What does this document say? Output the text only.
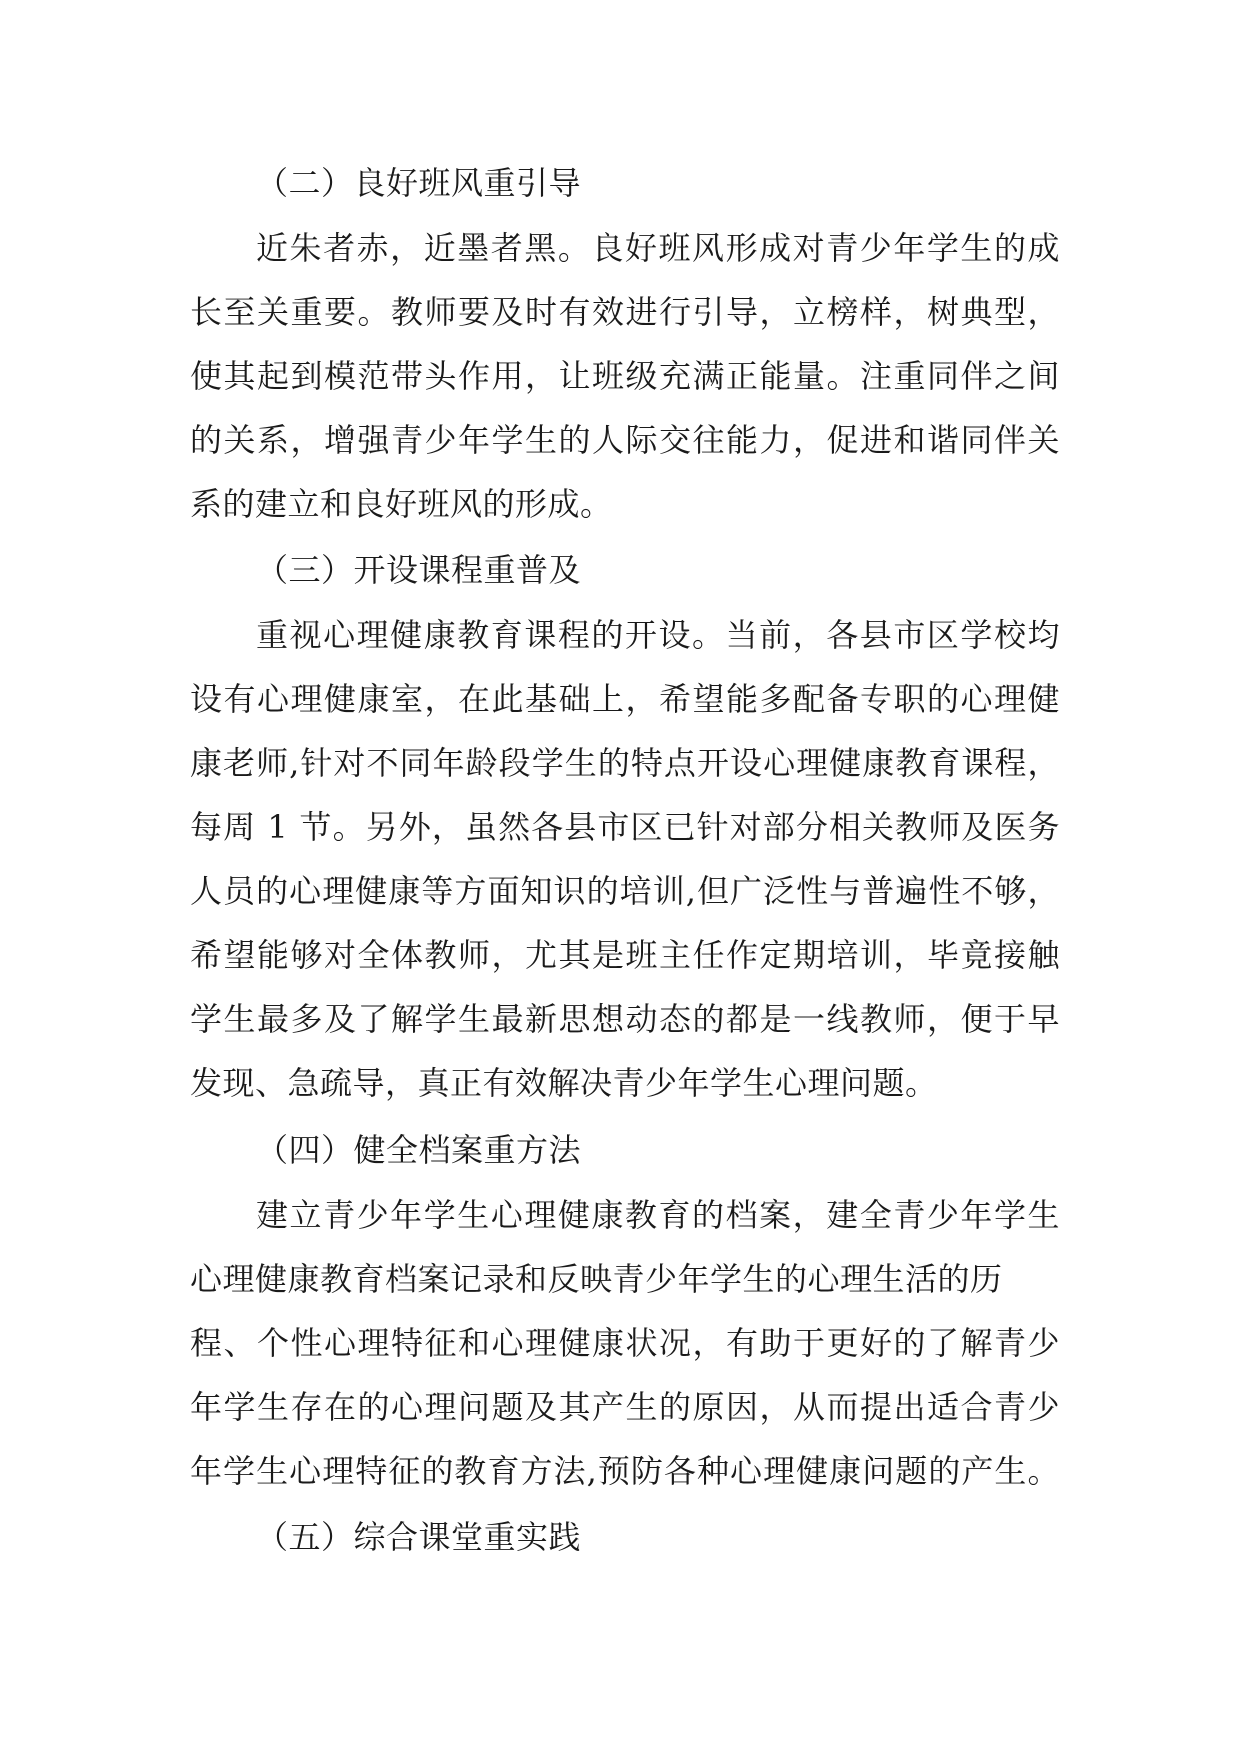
（二）良好班风重引导
近朱者赤，近墨者黑。良好班风形成对青少年学生的成
长至关重要。教师要及时有效进行引导，立榜样，树典型，
使其起到模范带头作用，让班级充满正能量。注重同伴之间
的关系，增强青少年学生的人际交往能力，促进和谐同伴关
系的建立和良好班风的形成。
（三）开设课程重普及
重视心理健康教育课程的开设。当前，各县市区学校均
设有心理健康室，在此基础上，希望能多配备专职的心理健
康老师,针对不同年龄段学生的特点开设心理健康教育课程，
每周 1 节。另外，虽然各县市区已针对部分相关教师及医务
人员的心理健康等方面知识的培训,但广泛性与普遍性不够，
希望能够对全体教师，尤其是班主任作定期培训，毕竟接触
学生最多及了解学生最新思想动态的都是一线教师，便于早
发现、急疏导，真正有效解决青少年学生心理问题。
（四）健全档案重方法
建立青少年学生心理健康教育的档案，建全青少年学生
心理健康教育档案记录和反映青少年学生的心理生活的历
程、个性心理特征和心理健康状况，有助于更好的了解青少
年学生存在的心理问题及其产生的原因，从而提出适合青少
年学生心理特征的教育方法,预防各种心理健康问题的产生。
（五）综合课堂重实践
